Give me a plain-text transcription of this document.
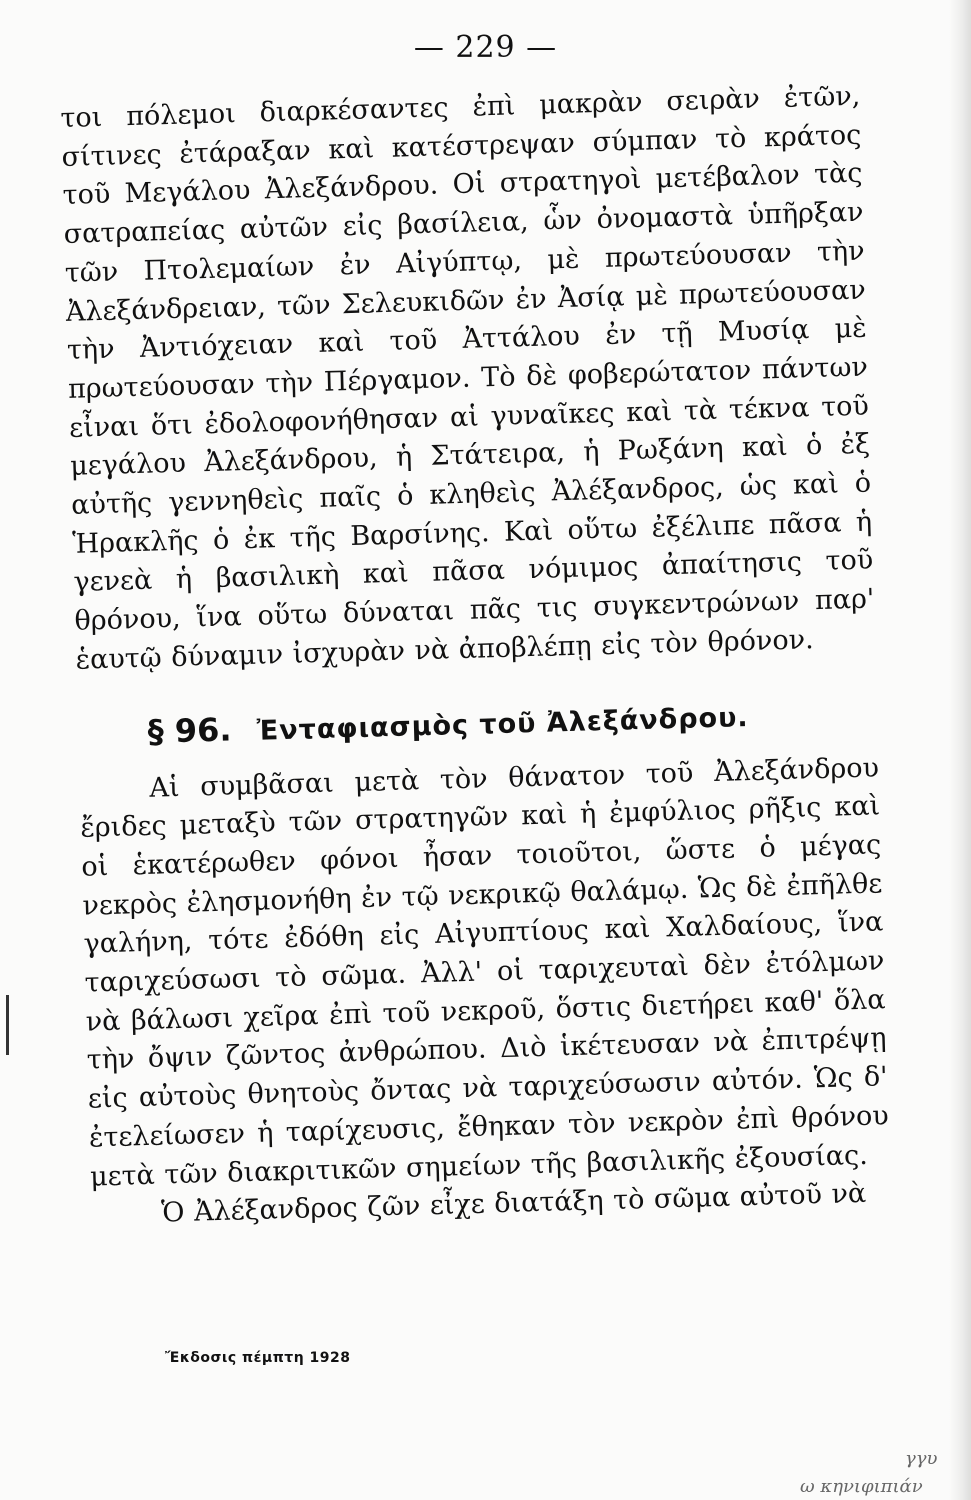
— 229 —

τοι πόλεμοι διαρκέσαντες ἐπὶ μακρὰν σειρὰν ἐτῶν, σίτινες ἐτάραξαν καὶ κατέστρεψαν σύμπαν τὸ κράτος τοῦ Μεγάλου Ἀλεξάνδρου. Οἱ στρατηγοὶ μετέβαλον τὰς σατραπείας αὐτῶν εἰς βασίλεια, ὧν ὀνομαστὰ ὑπῆρξαν τῶν Πτολεμαίων ἐν Αἰγύπτῳ, μὲ πρωτεύουσαν τὴν Ἀλεξάνδρειαν, τῶν Σελευκιδῶν ἐν Ἀσίᾳ μὲ πρωτεύουσαν τὴν Ἀντιόχειαν καὶ τοῦ Ἀττάλου ἐν τῇ Μυσίᾳ μὲ πρωτεύουσαν τὴν Πέργαμον. Τὸ δὲ φοβερώτατον πάντων εἶναι ὅτι ἐδολοφονήθησαν αἱ γυναῖκες καὶ τὰ τέκνα τοῦ μεγάλου Ἀλεξάνδρου, ἡ Στάτειρα, ἡ Ρωξάνη καὶ ὁ ἐξ αὐτῆς γεννηθεὶς παῖς ὁ κληθεὶς Ἀλέξανδρος, ὡς καὶ ὁ Ἡρακλῆς ὁ ἐκ τῆς Βαρσίνης. Καὶ οὕτω ἐξέλιπε πᾶσα ἡ γενεὰ ἡ βασιλικὴ καὶ πᾶσα νόμιμος ἀπαίτησις τοῦ θρόνου, ἵνα οὕτω δύναται πᾶς τις συγκεντρώνων παρ' ἑαυτῷ δύναμιν ἰσχυρὰν νὰ ἀποβλέπῃ εἰς τὸν θρόνον.

§ 96. Ἐνταφιασμὸς τοῦ Ἀλεξάνδρου.

Αἱ συμβᾶσαι μετὰ τὸν θάνατον τοῦ Ἀλεξάνδρου ἔριδες μεταξὺ τῶν στρατηγῶν καὶ ἡ ἐμφύλιος ρῆξις καὶ οἱ ἑκατέρωθεν φόνοι ἦσαν τοιοῦτοι, ὥστε ὁ μέγας νεκρὸς ἐλησμονήθη ἐν τῷ νεκρικῷ θαλάμῳ. Ὡς δὲ ἐπῆλθε γαλήνη, τότε ἐδόθη εἰς Αἰγυπτίους καὶ Χαλδαίους, ἵνα ταριχεύσωσι τὸ σῶμα. Ἀλλ' οἱ ταριχευταὶ δὲν ἐτόλμων νὰ βάλωσι χεῖρα ἐπὶ τοῦ νεκροῦ, ὅστις διετήρει καθ' ὅλα τὴν ὄψιν ζῶντος ἀνθρώπου. Διὸ ἱκέτευσαν νὰ ἐπιτρέψῃ εἰς αὐτοὺς θνητοὺς ὄντας νὰ ταριχεύσωσιν αὐτόν. Ὡς δ' ἐτελείωσεν ἡ ταρίχευσις, ἔθηκαν τὸν νεκρὸν ἐπὶ θρόνου μετὰ τῶν διακριτικῶν σημείων τῆς βασιλικῆς ἐξουσίας.

Ὁ Ἀλέξανδρος ζῶν εἶχε διατάξη τὸ σῶμα αὐτοῦ νὰ

Ἔκδοσις πέμπτη 1928
γγυ
ω κηνιφιπιάν
